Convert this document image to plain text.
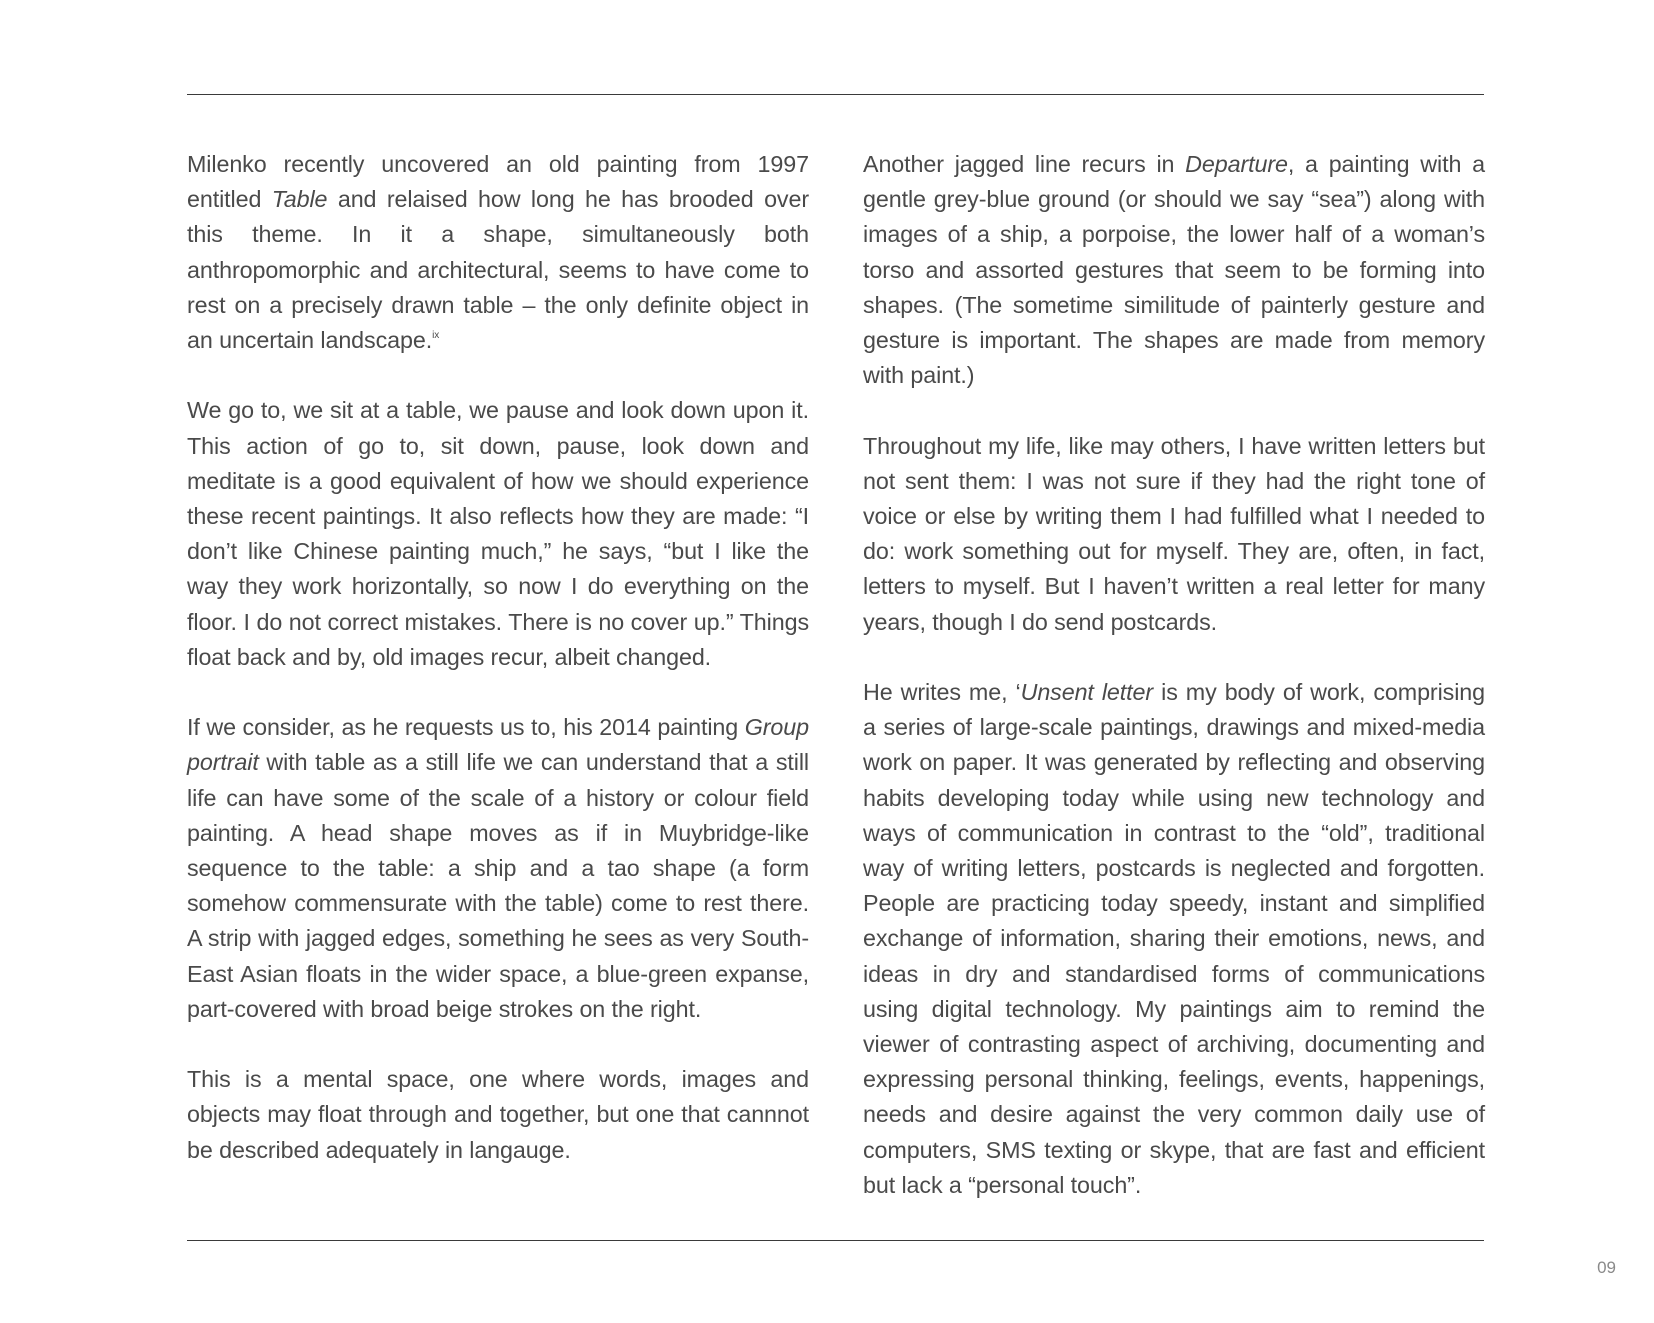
Milenko recently uncovered an old painting from 1997 entitled Table and relaised how long he has brooded over this theme. In it a shape, simultaneously both anthropomorphic and architectural, seems to have come to rest on a precisely drawn table – the only definite object in an uncertain landscape.$^{ix}$

We go to, we sit at a table, we pause and look down upon it. This action of go to, sit down, pause, look down and meditate is a good equivalent of how we should experience these recent paintings. It also reflects how they are made: “I don’t like Chinese painting much,” he says, “but I like the way they work horizontally, so now I do everything on the floor. I do not correct mistakes. There is no cover up.” Things float back and by, old images recur, albeit changed.

If we consider, as he requests us to, his 2014 painting Group portrait with table as a still life we can understand that a still life can have some of the scale of a history or colour field painting. A head shape moves as if in Muybridge-like sequence to the table: a ship and a tao shape (a form somehow commensurate with the table) come to rest there. A strip with jagged edges, something he sees as very South-East Asian floats in the wider space, a blue-green expanse, part-covered with broad beige strokes on the right.

This is a mental space, one where words, images and objects may float through and together, but one that cannnot be described adequately in langauge.

Another jagged line recurs in Departure, a painting with a gentle grey-blue ground (or should we say “sea”) along with images of a ship, a porpoise, the lower half of a woman’s torso and assorted gestures that seem to be forming into shapes. (The sometime similitude of painterly gesture and gesture is important. The shapes are made from memory with paint.)

Throughout my life, like may others, I have written letters but not sent them: I was not sure if they had the right tone of voice or else by writing them I had fulfilled what I needed to do: work something out for myself. They are, often, in fact, letters to myself. But I haven’t written a real letter for many years, though I do send postcards.

He writes me, ‘Unsent letter is my body of work, comprising a series of large-scale paintings, drawings and mixed-media work on paper. It was generated by reflecting and observing habits developing today while using new technology and ways of communication in contrast to the “old”, traditional way of writing letters, postcards is neglected and forgotten. People are practicing today speedy, instant and simplified exchange of information, sharing their emotions, news, and ideas in dry and standardised forms of communications using digital technology. My paintings aim to remind the viewer of contrasting aspect of archiving, documenting and expressing personal thinking, feelings, events, happenings, needs and desire against the very common daily use of computers, SMS texting or skype, that are fast and efficient but lack a “personal touch”.

09
